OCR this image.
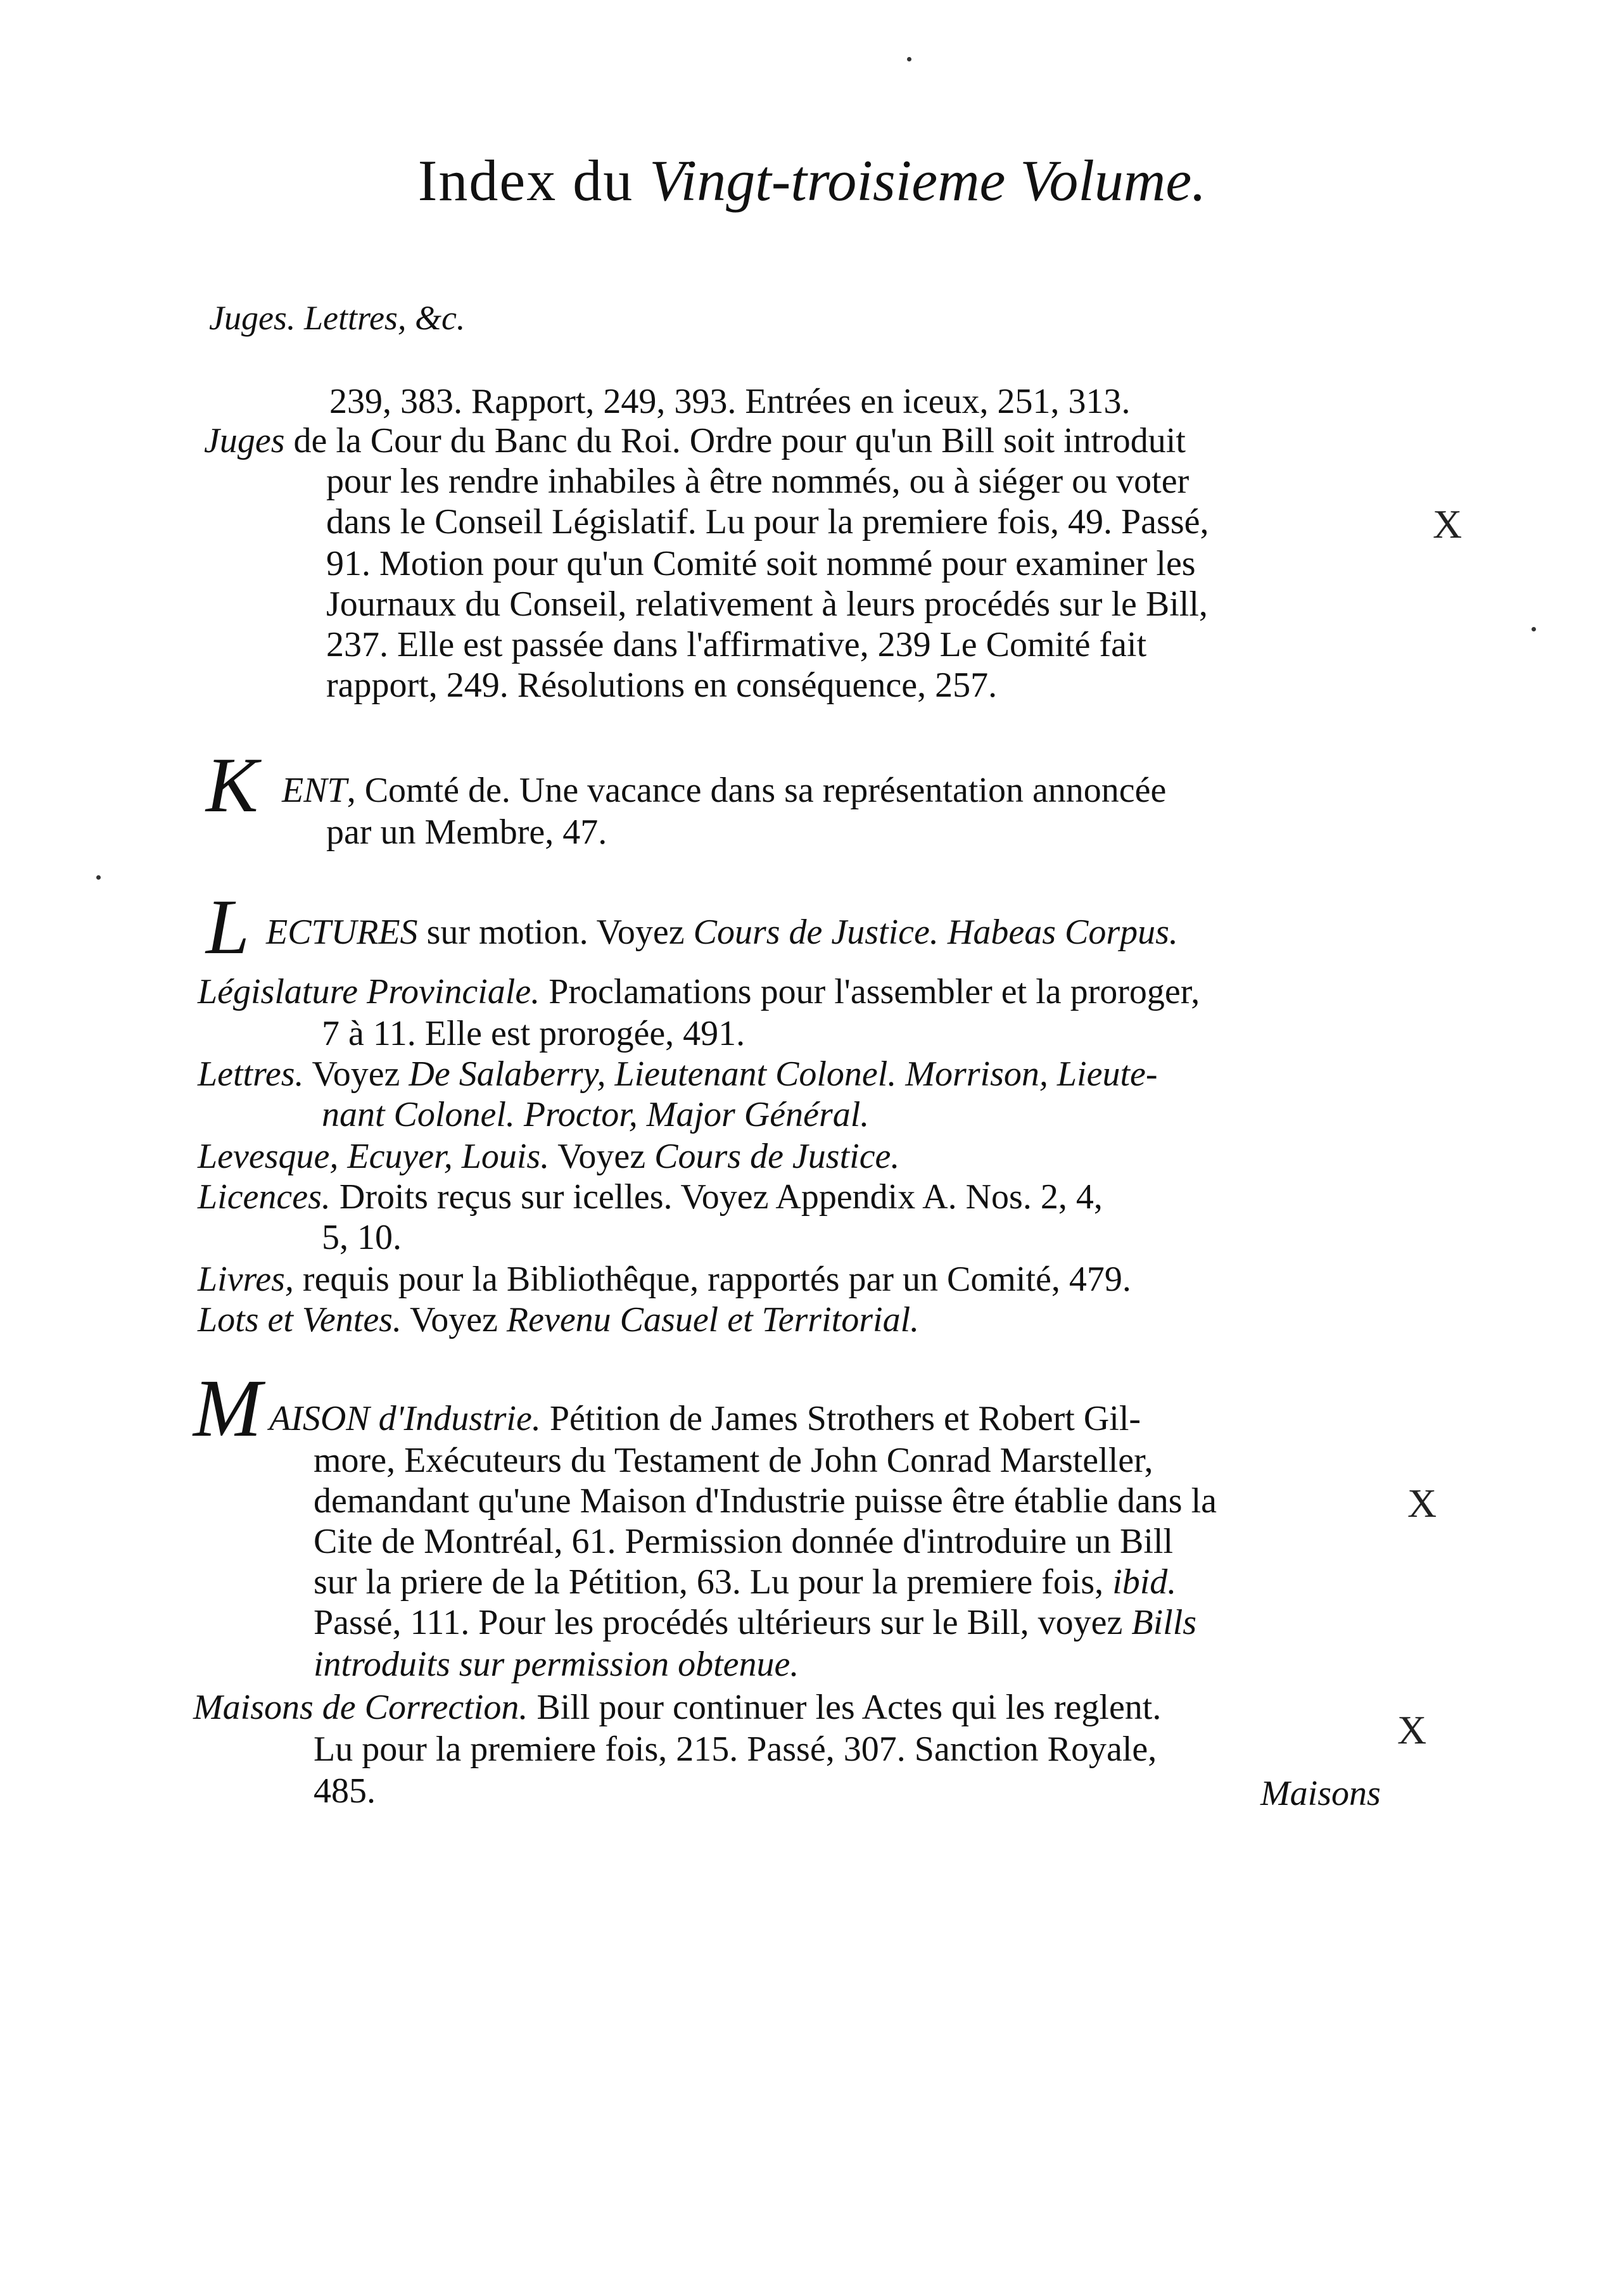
Index du Vingt-troisieme Volume.
Juges. Lettres, &c.
239, 383. Rapport, 249, 393. Entrées en iceux, 251, 313.
Juges de la Cour du Banc du Roi. Ordre pour qu'un Bill soit introduit
pour les rendre inhabiles à être nommés, ou à siéger ou voter
dans le Conseil Législatif. Lu pour la premiere fois, 49. Passé,
91. Motion pour qu'un Comité soit nommé pour examiner les
Journaux du Conseil, relativement à leurs procédés sur le Bill,
237. Elle est passée dans l'affirmative, 239 Le Comité fait
rapport, 249. Résolutions en conséquence, 257.
K ENT, Comté de. Une vacance dans sa représentation annoncée
par un Membre, 47.
L ECTURES sur motion. Voyez Cours de Justice. Habeas Corpus.
Législature Provinciale. Proclamations pour l'assembler et la proroger,
7 à 11. Elle est prorogée, 491.
Lettres. Voyez De Salaberry, Lieutenant Colonel. Morrison, Lieute-
nant Colonel. Proctor, Major Général.
Levesque, Ecuyer, Louis. Voyez Cours de Justice.
Licences. Droits reçus sur icelles. Voyez Appendix A. Nos. 2, 4,
5, 10.
Livres, requis pour la Bibliothêque, rapportés par un Comité, 479.
Lots et Ventes. Voyez Revenu Casuel et Territorial.
M AISON d'Industrie. Pétition de James Strothers et Robert Gil-
more, Exécuteurs du Testament de John Conrad Marsteller,
demandant qu'une Maison d'Industrie puisse être établie dans la
Cite de Montréal, 61. Permission donnée d'introduire un Bill
sur la priere de la Pétition, 63. Lu pour la premiere fois, ibid.
Passé, 111. Pour les procédés ultérieurs sur le Bill, voyez Bills
introduits sur permission obtenue.
Maisons de Correction. Bill pour continuer les Actes qui les reglent.
Lu pour la premiere fois, 215. Passé, 307. Sanction Royale,
485.	Maisons
X
X
X
